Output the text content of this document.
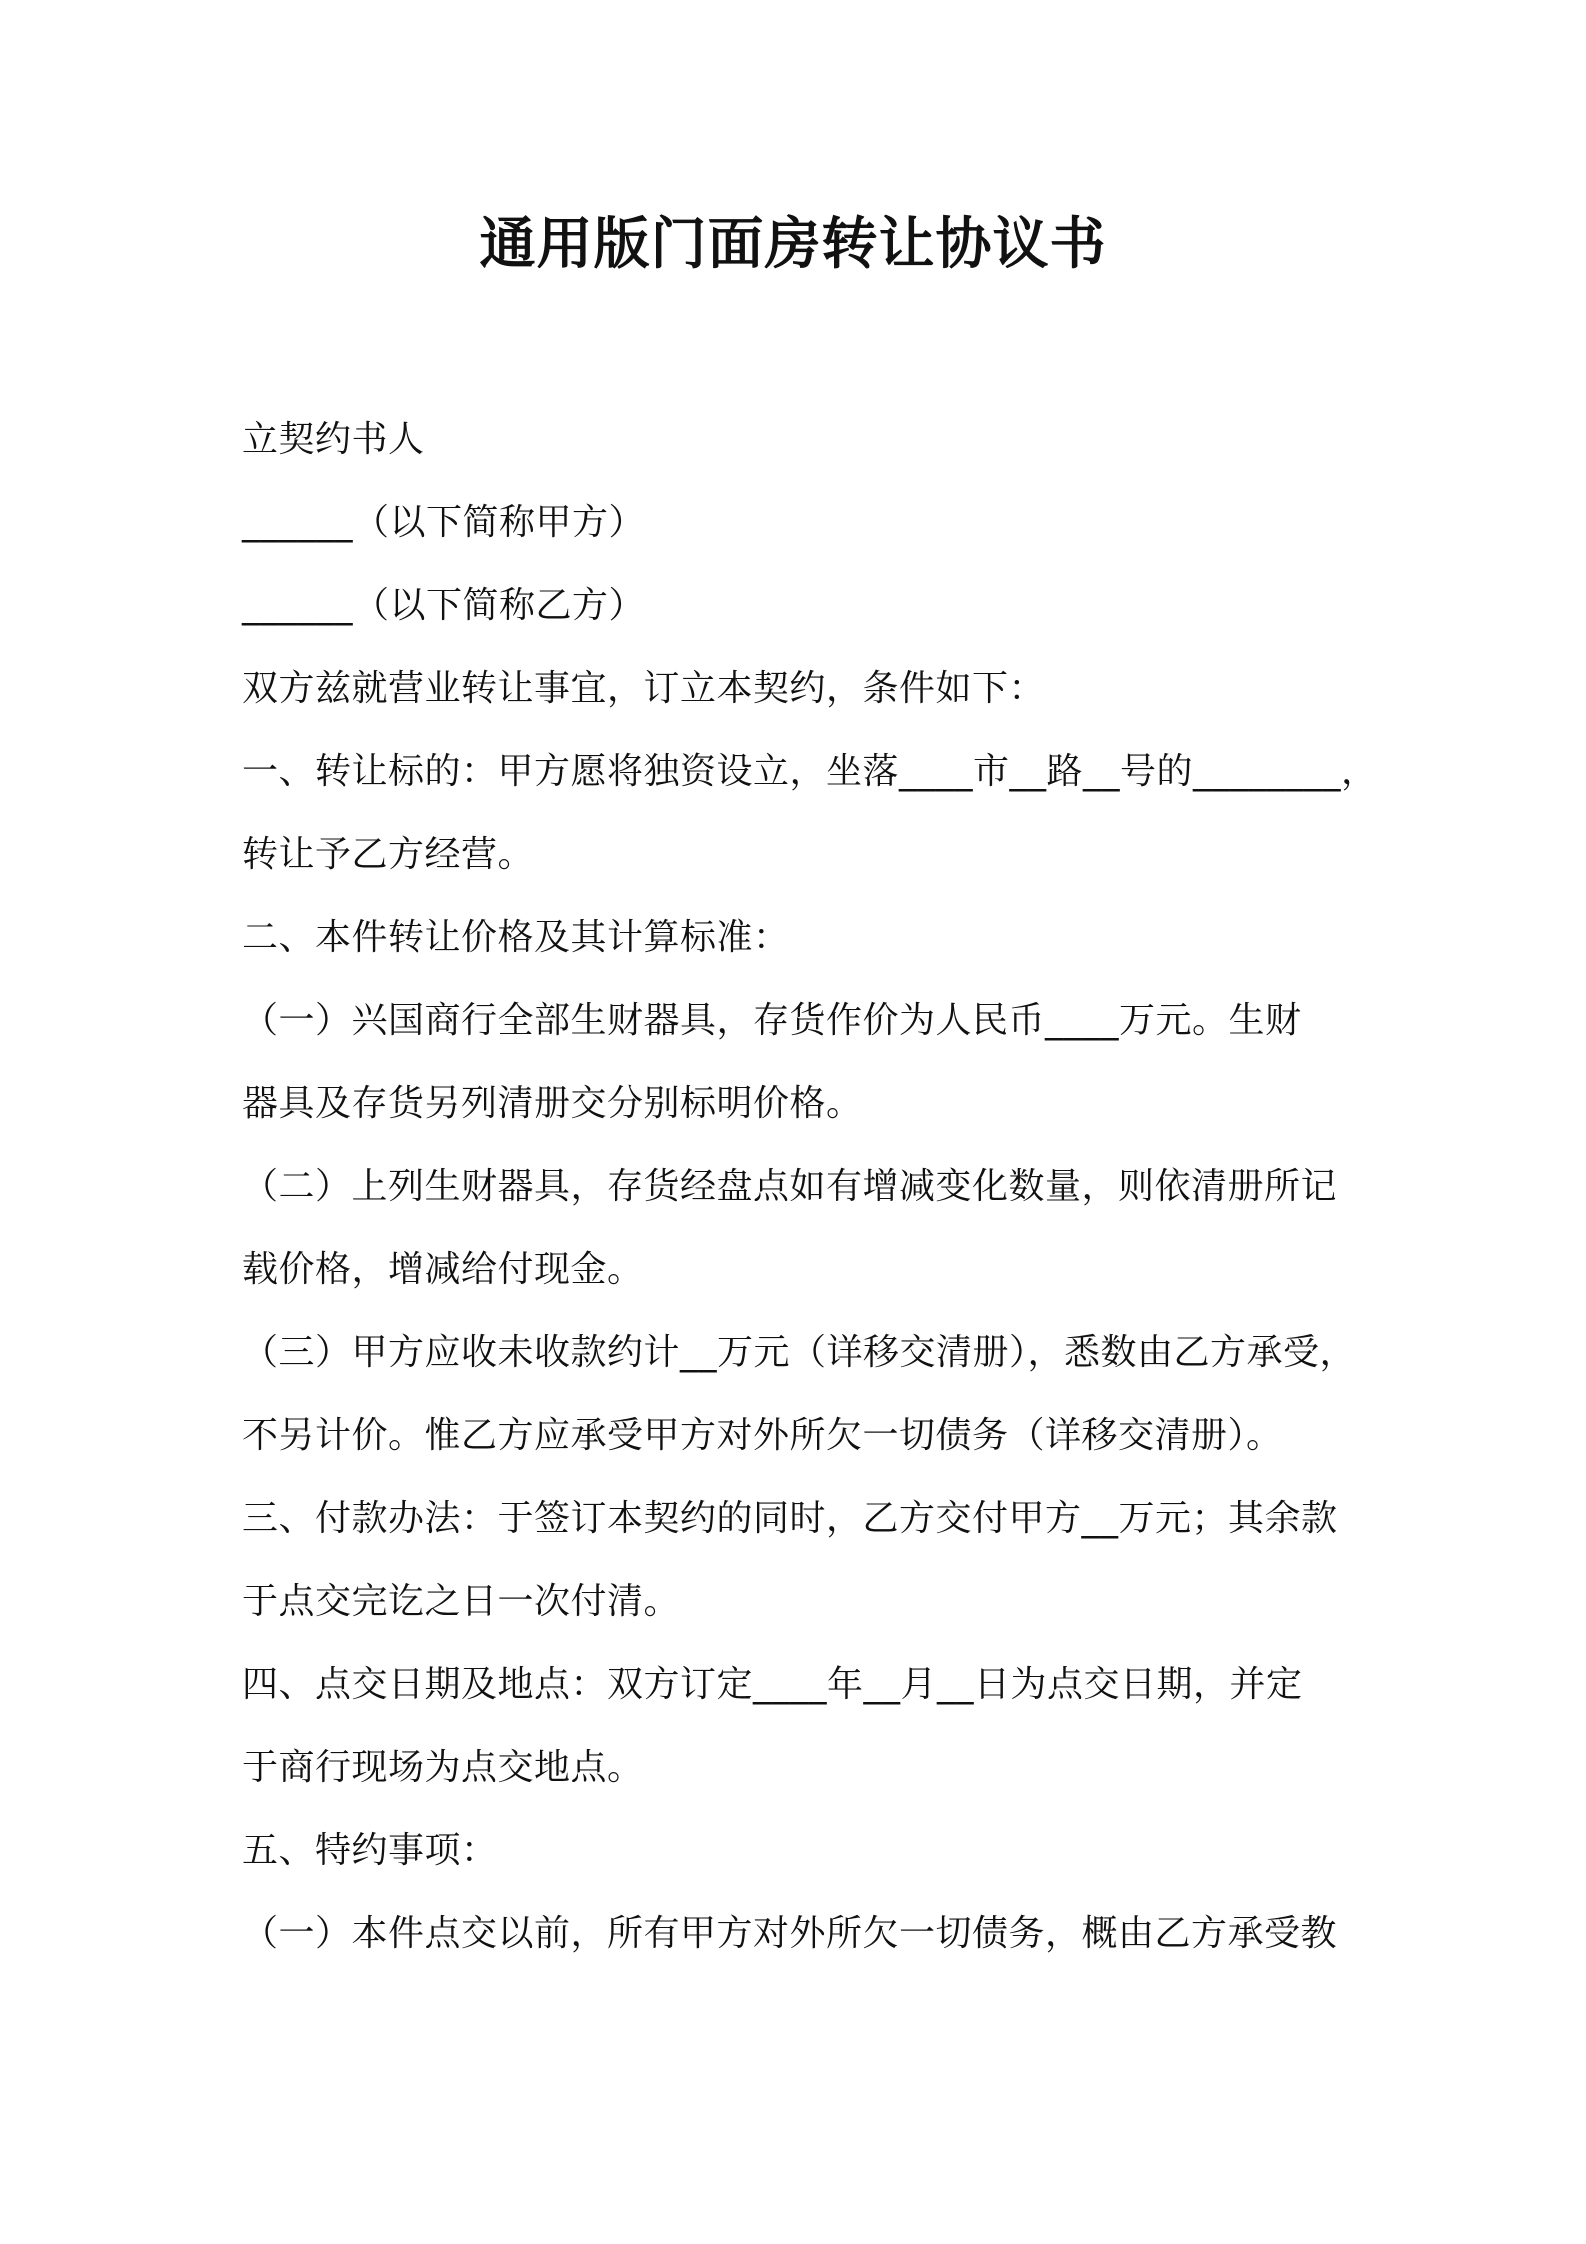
通用版门面房转让协议书
立契约书人
______（以下简称甲方）
______（以下简称乙方）
双方兹就营业转让事宜，订立本契约，条件如下：
一、转让标的：甲方愿将独资设立，坐落____市__路__号的________，
转让予乙方经营。
二、本件转让价格及其计算标准：
（一）兴国商行全部生财器具，存货作价为人民币____万元。生财
器具及存货另列清册交分别标明价格。
（二）上列生财器具，存货经盘点如有增减变化数量，则依清册所记
载价格，增减给付现金。
（三）甲方应收未收款约计__万元（详移交清册），悉数由乙方承受，
不另计价。惟乙方应承受甲方对外所欠一切债务（详移交清册）。
三、付款办法：于签订本契约的同时，乙方交付甲方__万元；其余款
于点交完讫之日一次付清。
四、点交日期及地点：双方订定____年__月__日为点交日期，并定
于商行现场为点交地点。
五、特约事项：
（一）本件点交以前，所有甲方对外所欠一切债务，概由乙方承受教
